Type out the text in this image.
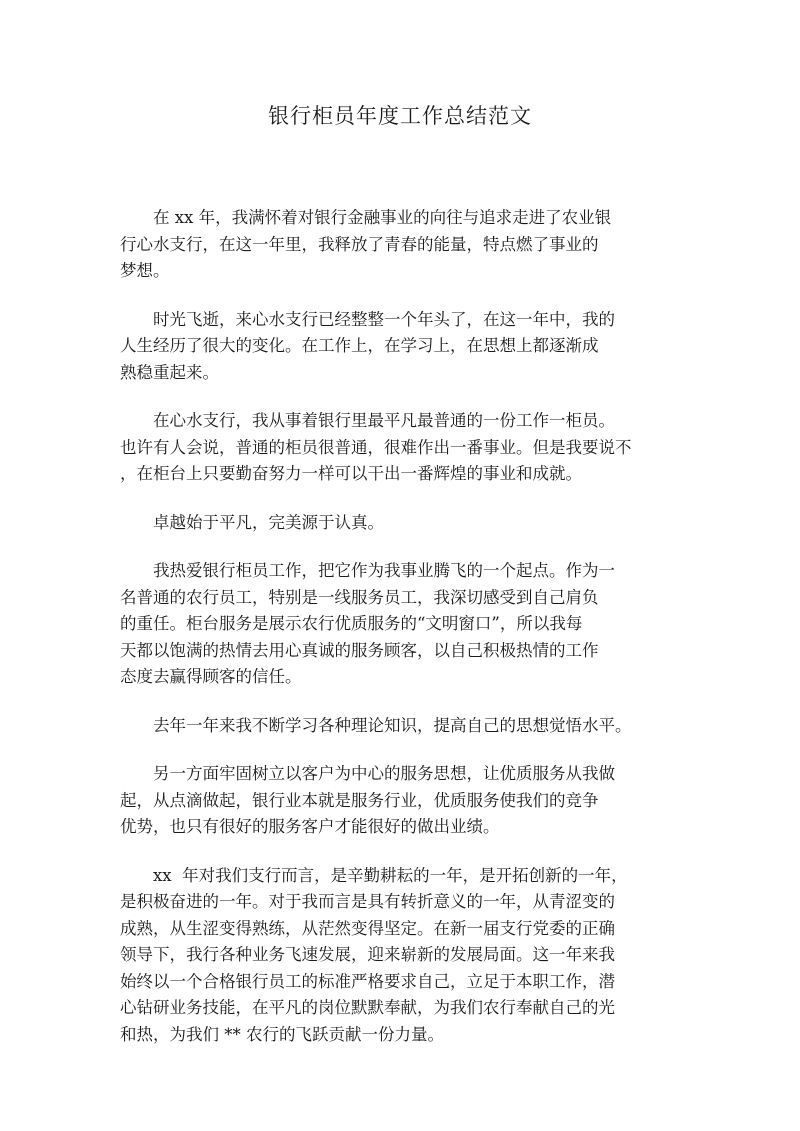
银行柜员年度工作总结范文
在 xx 年，我满怀着对银行金融事业的向往与追求走进了农业银
行心水支行，在这一年里，我释放了青春的能量，特点燃了事业的
梦想。
时光飞逝，来心水支行已经整整一个年头了，在这一年中，我的
人生经历了很大的变化。在工作上，在学习上，在思想上都逐渐成
熟稳重起来。
在心水支行，我从事着银行里最平凡最普通的一份工作一柜员。
也许有人会说，普通的柜员很普通，很难作出一番事业。但是我要说不
，在柜台上只要勤奋努力一样可以干出一番辉煌的事业和成就。
卓越始于平凡，完美源于认真。
我热爱银行柜员工作，把它作为我事业腾飞的一个起点。作为一
名普通的农行员工，特别是一线服务员工，我深切感受到自己肩负
的重任。柜台服务是展示农行优质服务的“文明窗口”，所以我每
天都以饱满的热情去用心真诚的服务顾客，以自己积极热情的工作
态度去赢得顾客的信任。
去年一年来我不断学习各种理论知识，提高自己的思想觉悟水平。
另一方面牢固树立以客户为中心的服务思想，让优质服务从我做
起，从点滴做起，银行业本就是服务行业，优质服务使我们的竞争
优势，也只有很好的服务客户才能很好的做出业绩。
xx  年对我们支行而言，是辛勤耕耘的一年，是开拓创新的一年，
是积极奋进的一年。对于我而言是具有转折意义的一年，从青涩变的
成熟，从生涩变得熟练，从茫然变得坚定。在新一届支行党委的正确
领导下，我行各种业务飞速发展，迎来崭新的发展局面。这一年来我
始终以一个合格银行员工的标准严格要求自己，立足于本职工作，潜
心钻研业务技能，在平凡的岗位默默奉献，为我们农行奉献自己的光
和热，为我们 ** 农行的飞跃贡献一份力量。
